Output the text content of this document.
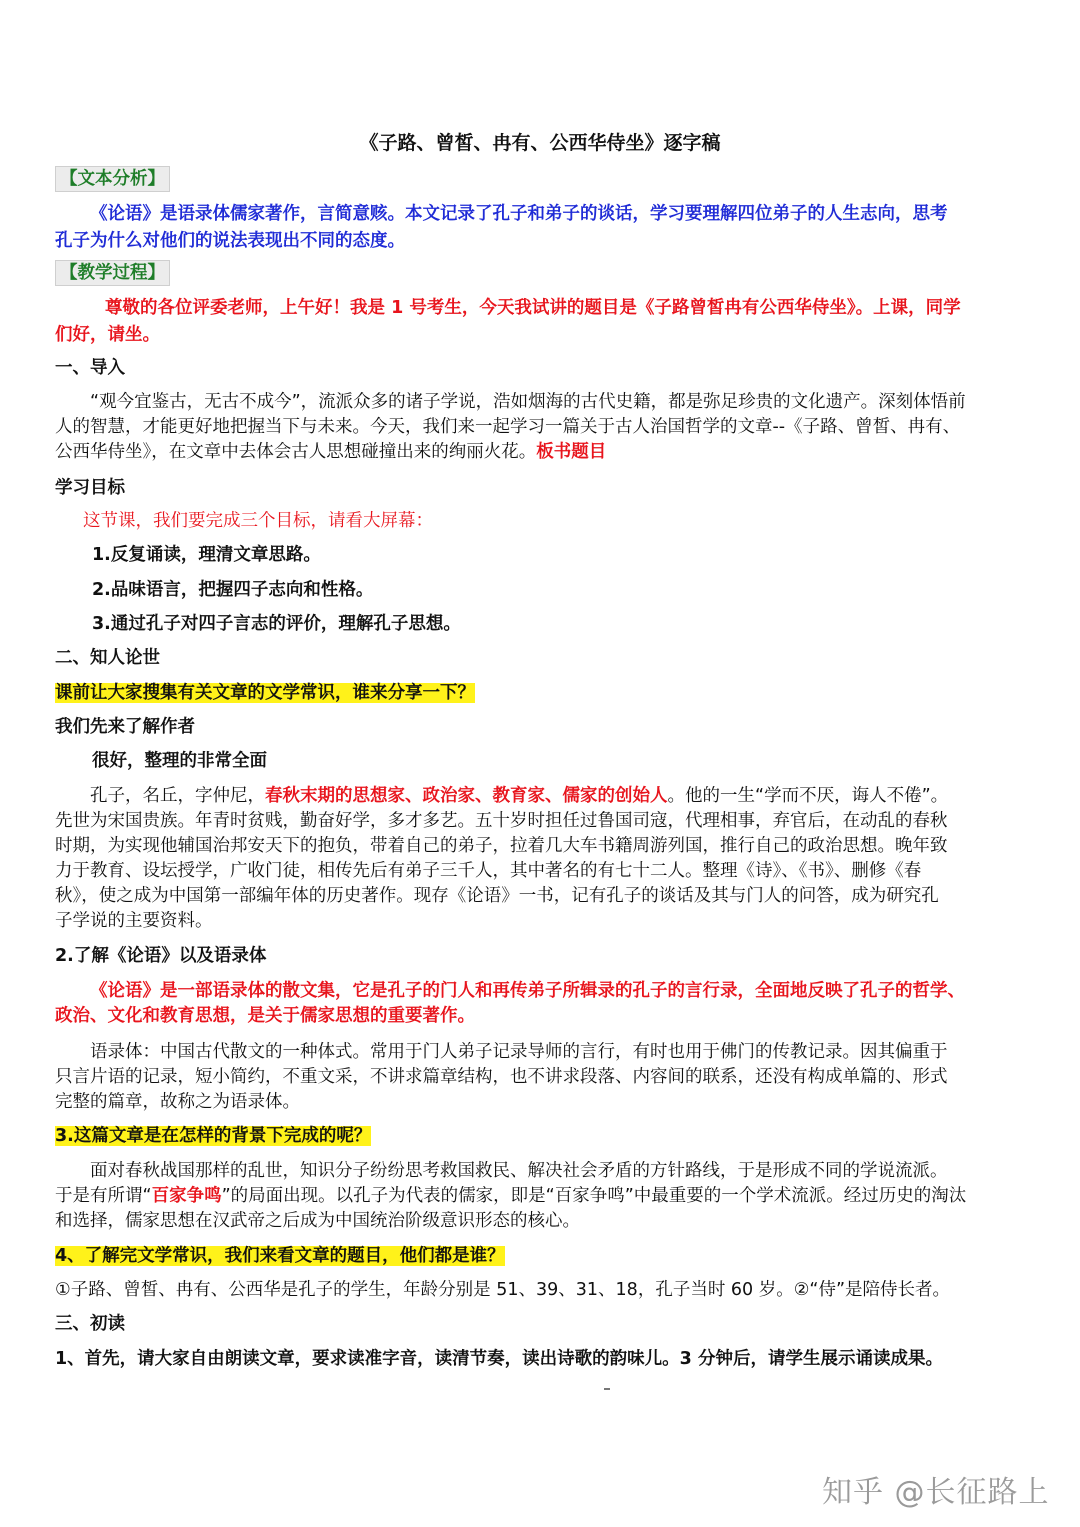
《子路、曾皙、冉有、公西华侍坐》逐字稿
【文本分析】
《论语》是语录体儒家著作，言简意赅。本文记录了孔子和弟子的谈话，学习要理解四位弟子的人生志向，思考
孔子为什么对他们的说法表现出不同的态度。
【教学过程】
尊敬的各位评委老师，上午好！我是 1 号考生，今天我试讲的题目是《子路曾皙冉有公西华侍坐》。上课，同学
们好，请坐。
一、导入
“观今宜鉴古，无古不成今”，流派众多的诸子学说，浩如烟海的古代史籍，都是弥足珍贵的文化遗产。深刻体悟前
人的智慧，才能更好地把握当下与未来。今天，我们来一起学习一篇关于古人治国哲学的文章--《子路、曾皙、冉有、
公西华侍坐》，在文章中去体会古人思想碰撞出来的绚丽火花。板书题目
学习目标
这节课，我们要完成三个目标，请看大屏幕：
1.反复诵读，理清文章思路。
2.品味语言，把握四子志向和性格。
3.通过孔子对四子言志的评价，理解孔子思想。
二、知人论世
课前让大家搜集有关文章的文学常识，谁来分享一下？
我们先来了解作者
很好，整理的非常全面
孔子，名丘，字仲尼，春秋末期的思想家、政治家、教育家、儒家的创始人。他的一生“学而不厌，诲人不倦”。
先世为宋国贵族。年青时贫贱，勤奋好学，多才多艺。五十岁时担任过鲁国司寇，代理相事，弃官后，在动乱的春秋
时期，为实现他辅国治邦安天下的抱负，带着自己的弟子，拉着几大车书籍周游列国，推行自己的政治思想。晚年致
力于教育、设坛授学，广收门徒，相传先后有弟子三千人，其中著名的有七十二人。整理《诗》、《书》、删修《春
秋》，使之成为中国第一部编年体的历史著作。现存《论语》一书，记有孔子的谈话及其与门人的问答，成为研究孔
子学说的主要资料。
2.了解《论语》以及语录体
《论语》是一部语录体的散文集，它是孔子的门人和再传弟子所辑录的孔子的言行录，全面地反映了孔子的哲学、
政治、文化和教育思想，是关于儒家思想的重要著作。
语录体：中国古代散文的一种体式。常用于门人弟子记录导师的言行，有时也用于佛门的传教记录。因其偏重于
只言片语的记录，短小简约，不重文采，不讲求篇章结构，也不讲求段落、内容间的联系，还没有构成单篇的、形式
完整的篇章，故称之为语录体。
3.这篇文章是在怎样的背景下完成的呢？
面对春秋战国那样的乱世，知识分子纷纷思考救国救民、解决社会矛盾的方针路线，于是形成不同的学说流派。
于是有所谓“百家争鸣”的局面出现。以孔子为代表的儒家，即是“百家争鸣”中最重要的一个学术流派。经过历史的淘汰
和选择，儒家思想在汉武帝之后成为中国统治阶级意识形态的核心。
4、了解完文学常识，我们来看文章的题目，他们都是谁？
①子路、曾皙、冉有、公西华是孔子的学生，年龄分别是 51、39、31、18，孔子当时 60 岁。②“侍”是陪侍长者。
三、初读
1、首先，请大家自由朗读文章，要求读准字音，读清节奏，读出诗歌的韵味儿。3 分钟后，请学生展示诵读成果。
知乎 @长征路上
